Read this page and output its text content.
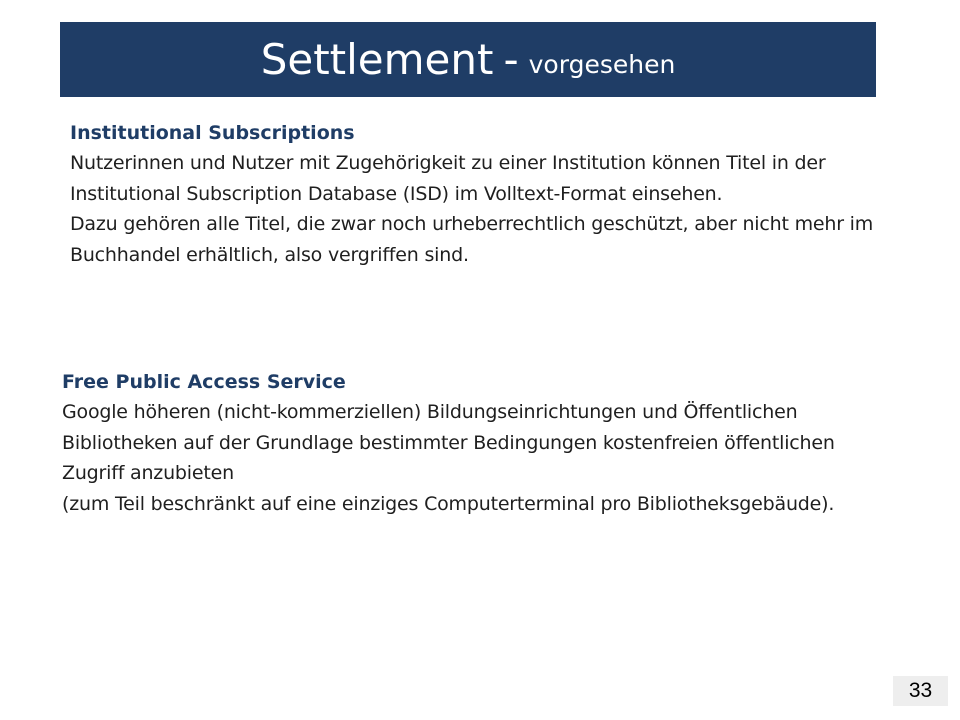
Settlement - vorgesehen
Institutional Subscriptions

Nutzerinnen und Nutzer mit Zugehörigkeit zu einer Institution können Titel in der Institutional Subscription Database (ISD) im Volltext-Format einsehen.

Dazu gehören alle Titel, die zwar noch urheberrechtlich geschützt, aber nicht mehr im Buchhandel erhältlich, also vergriffen sind.

Free Public Access Service

Google höheren (nicht-kommerziellen) Bildungseinrichtungen und Öffentlichen Bibliotheken auf der Grundlage bestimmter Bedingungen kostenfreien öffentlichen Zugriff anzubieten

(zum Teil beschränkt auf eine einziges Computerterminal pro Bibliotheksgebäude).

33
